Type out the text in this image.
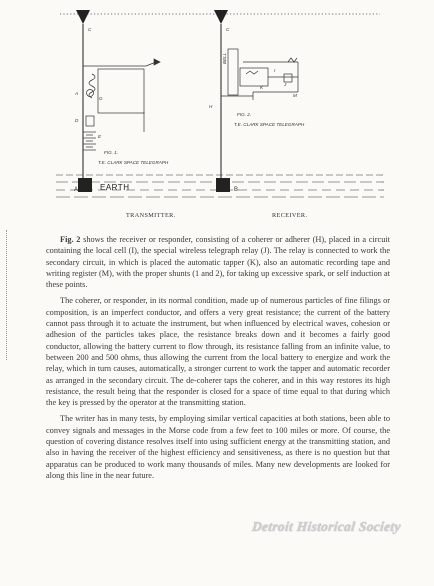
C	C
A
G
D
E
FIG. 1.
T.E. CLARK SPACE TELEGRAPH
BELL
H
I
J
K
M
FIG. 2.
T.E. CLARK SPACE TELEGRAPH
A	B
EARTH
TRANSMITTER.	RECEIVER.

Fig. 2 shows the receiver or responder, consisting of a coherer or adherer (H), placed in a circuit containing the local cell (I), the special wireless telegraph relay (J). The relay is connected to work the secondary circuit, in which is placed the automatic tapper (K), also an automatic recording tape and writing register (M), with the proper shunts (1 and 2), for taking up excessive spark, or self induction at these points.

The coherer, or responder, in its normal condition, made up of numerous particles of fine filings or composition, is an imperfect conductor, and offers a very great resistance; the current of the battery cannot pass through it to actuate the instrument, but when influenced by electrical waves, cohesion or adhesion of the particles takes place, the resistance breaks down and it becomes a fairly good conductor, allowing the battery current to flow through, its resistance falling from an infinite value, to between 200 and 500 ohms, thus allowing the current from the local battery to energize and work the relay, which in turn causes, automatically, a stronger current to work the tapper and automatic recorder as arranged in the secondary circuit. The de-coherer taps the coherer, and in this way restores its high resistance, the result being that the responder is closed for a space of time equal to that during which the key is pressed by the operator at the transmitting station.

The writer has in many tests, by employing similar vertical capacities at both stations, been able to convey signals and messages in the Morse code from a few feet to 100 miles or more. Of course, the question of covering distance resolves itself into using sufficient energy at the transmitting station, and also in having the receiver of the highest efficiency and sensitiveness, as there is no question but that apparatus can be produced to work many thousands of miles. Many new developments are looked for along this line in the near future.

Detroit Historical Society
